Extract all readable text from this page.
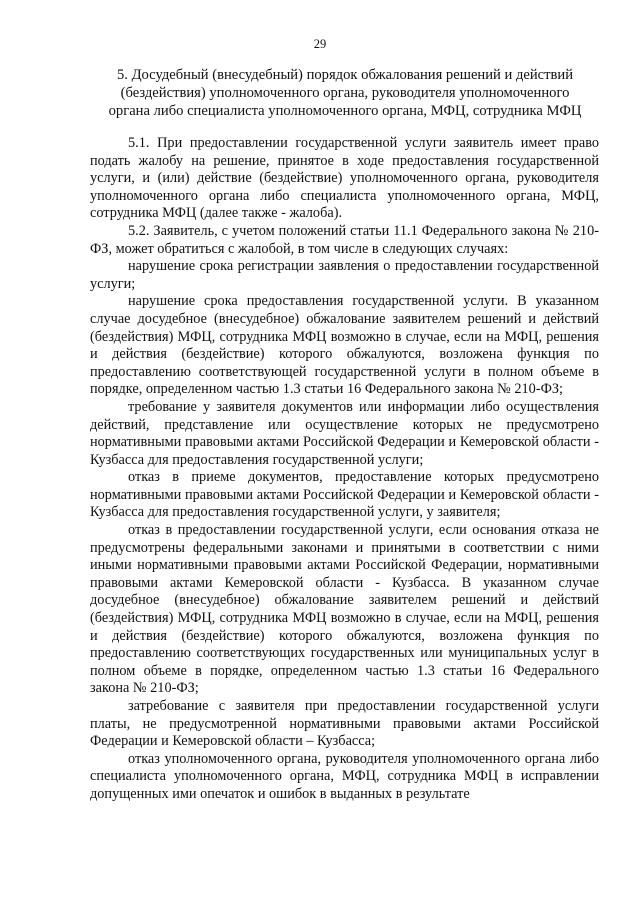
29
5. Досудебный (внесудебный) порядок обжалования решений и действий
(бездействия) уполномоченного органа, руководителя уполномоченного
органа либо специалиста уполномоченного органа, МФЦ, сотрудника МФЦ

5.1. При предоставлении государственной услуги заявитель имеет право подать жалобу на решение, принятое в ходе предоставления государственной услуги, и (или) действие (бездействие) уполномоченного органа, руководителя уполномоченного органа либо специалиста уполномоченного органа, МФЦ, сотрудника МФЦ (далее также - жалоба).

5.2. Заявитель, с учетом положений статьи 11.1 Федерального закона № 210-ФЗ, может обратиться с жалобой, в том числе в следующих случаях:

нарушение срока регистрации заявления о предоставлении государственной услуги;

нарушение срока предоставления государственной услуги. В указанном случае досудебное (внесудебное) обжалование заявителем решений и действий (бездействия) МФЦ, сотрудника МФЦ возможно в случае, если на МФЦ, решения и действия (бездействие) которого обжалуются, возложена функция по предоставлению соответствующей государственной услуги в полном объеме в порядке, определенном частью 1.3 статьи 16 Федерального закона № 210-ФЗ;

требование у заявителя документов или информации либо осуществления действий, представление или осуществление которых не предусмотрено нормативными правовыми актами Российской Федерации и Кемеровской области - Кузбасса для предоставления государственной услуги;

отказ в приеме документов, предоставление которых предусмотрено нормативными правовыми актами Российской Федерации и Кемеровской области - Кузбасса для предоставления государственной услуги, у заявителя;

отказ в предоставлении государственной услуги, если основания отказа не предусмотрены федеральными законами и принятыми в соответствии с ними иными нормативными правовыми актами Российской Федерации, нормативными правовыми актами Кемеровской области - Кузбасса. В указанном случае досудебное (внесудебное) обжалование заявителем решений и действий (бездействия) МФЦ, сотрудника МФЦ возможно в случае, если на МФЦ, решения и действия (бездействие) которого обжалуются, возложена функция по предоставлению соответствующих государственных или муниципальных услуг в полном объеме в порядке, определенном частью 1.3 статьи 16 Федерального закона № 210-ФЗ;

затребование с заявителя при предоставлении государственной услуги платы, не предусмотренной нормативными правовыми актами Российской Федерации и Кемеровской области – Кузбасса;

отказ уполномоченного органа, руководителя уполномоченного органа либо специалиста уполномоченного органа, МФЦ, сотрудника МФЦ в исправлении допущенных ими опечаток и ошибок в выданных в результате
